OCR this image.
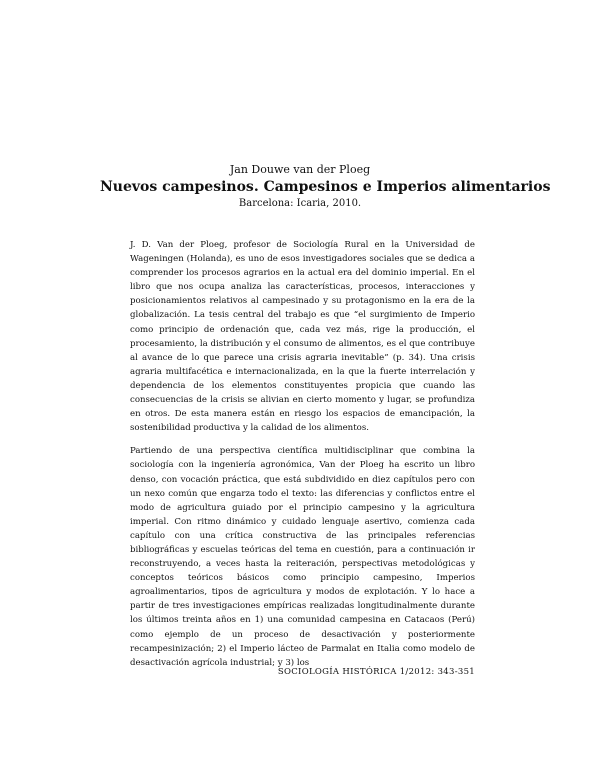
Jan Douwe van der Ploeg
Nuevos campesinos. Campesinos e Imperios alimentarios
Barcelona: Icaria, 2010.

J. D. Van der Ploeg, profesor de Sociología Rural en la Universidad de Wageningen (Holanda), es uno de esos investigadores sociales que se dedica a comprender los procesos agrarios en la actual era del dominio imperial. En el libro que nos ocupa analiza las características, procesos, interacciones y posicionamientos relativos al campesinado y su protagonismo en la era de la globalización. La tesis central del trabajo es que “el surgimiento de Imperio como principio de ordenación que, cada vez más, rige la producción, el procesamiento, la distribución y el consumo de alimentos, es el que contribuye al avance de lo que parece una crisis agraria inevitable” (p. 34). Una crisis agraria multifacética e internacionalizada, en la que la fuerte interrelación y dependencia de los elementos constituyentes propicia que cuando las consecuencias de la crisis se alivian en cierto momento y lugar, se profundiza en otros. De esta manera están en riesgo los espacios de emancipación, la sostenibilidad productiva y la calidad de los alimentos.

Partiendo de una perspectiva científica multidisciplinar que combina la sociología con la ingeniería agronómica, Van der Ploeg ha escrito un libro denso, con vocación práctica, que está subdividido en diez capítulos pero con un nexo común que engarza todo el texto: las diferencias y conflictos entre el modo de agricultura guiado por el principio campesino y la agricultura imperial. Con ritmo dinámico y cuidado lenguaje asertivo, comienza cada capítulo con una crítica constructiva de las principales referencias bibliográficas y escuelas teóricas del tema en cuestión, para a continuación ir reconstruyendo, a veces hasta la reiteración, perspectivas metodológicas y conceptos teóricos básicos como principio campesino, Imperios agroalimentarios, tipos de agricultura y modos de explotación. Y lo hace a partir de tres investigaciones empíricas realizadas longitudinalmente durante los últimos treinta años en 1) una comunidad campesina en Catacaos (Perú) como ejemplo de un proceso de desactivación y posteriormente recampesinización; 2) el Imperio lácteo de Parmalat en Italia como modelo de desactivación agrícola industrial; y 3) los

SOCIOLOGÍA HISTÓRICA 1/2012: 343-351
